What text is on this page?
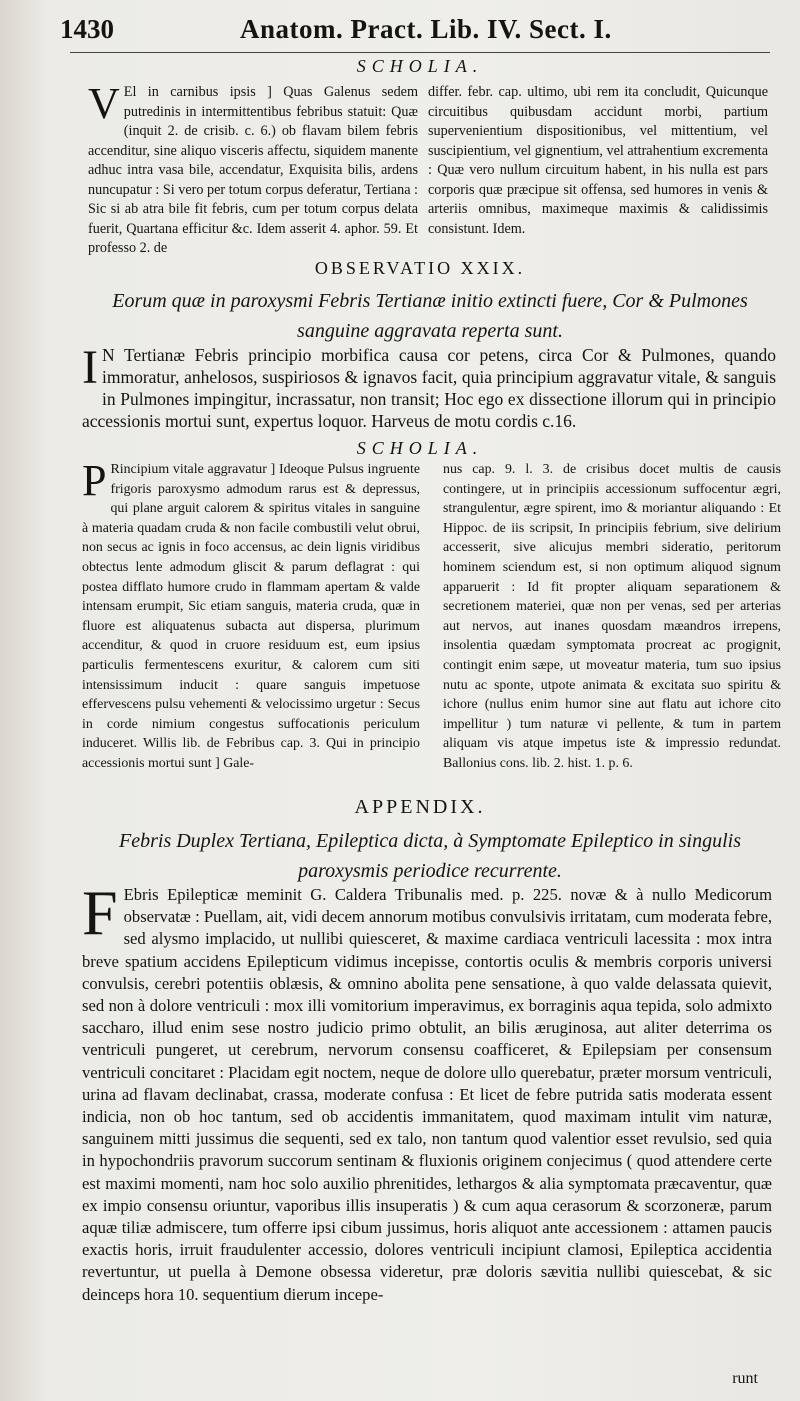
1430	Anatom. Pract. Lib. IV. Sect. I.
SCHOLIA.
V El in carnibus ipsis ] Quas Galenus sedem putredinis in intermittentibus febribus statuit: Quæ (inquit 2. de crisib. c. 6.) ob flavam bilem febris accenditur, sine aliquo visceris affectu, siquidem manente adhuc intra vasa bile, accendatur, Exquisita bilis, ardens nuncupatur : Si vero per totum corpus deferatur, Tertiana : Sic si ab atra bile fit febris, cum per totum corpus delata fuerit, Quartana efficitur &c. Idem asserit 4. aphor. 59. Et professo 2. de
differ. febr. cap. ultimo, ubi rem ita concludit, Quicunque circuitibus quibusdam accidunt morbi, partium supervenientium dispositionibus, vel mittentium, vel suscipientium, vel gignentium, vel attrahentium excrementa : Quæ vero nullum circuitum habent, in his nulla est pars corporis quæ præcipue sit offensa, sed humores in venis & arteriis omnibus, maximeque maximis & calidissimis consistunt. Idem.
OBSERVATIO XXIX.
Eorum quæ in paroxysmi Febris Tertianæ initio extincti fuere, Cor & Pulmones sanguine aggravata reperta sunt.
I N Tertianæ Febris principio morbifica causa cor petens, circa Cor & Pulmones, quando immoratur, anhelosos, suspiriosos & ignavos facit, quia principium aggravatur vitale, & sanguis in Pulmones impingitur, incrassatur, non transit; Hoc ego ex dissectione illorum qui in principio accessionis mortui sunt, expertus loquor. Harveus de motu cordis c.16.
SCHOLIA.
P Rincipium vitale aggravatur ] Ideoque Pulsus ingruente frigoris paroxysmo admodum rarus est & depressus, qui plane arguit calorem & spiritus vitales in sanguine à materia quadam cruda & non facile combustili velut obrui, non secus ac ignis in foco accensus, ac dein lignis viridibus obtectus lente admodum gliscit & parum deflagrat : qui postea difflato humore crudo in flammam apertam & valde intensam erumpit, Sic etiam sanguis, materia cruda, quæ in fluore est aliquatenus subacta aut dispersa, plurimum accenditur, & quod in cruore residuum est, eum ipsius particulis fermentescens exuritur, & calorem cum siti intensissimum inducit : quare sanguis impetuose effervescens pulsu vehementi & velocissimo urgetur : Secus in corde nimium congestus suffocationis periculum induceret. Willis lib. de Febribus cap. 3. Qui in principio accessionis mortui sunt ] Gale-
nus cap. 9. l. 3. de crisibus docet multis de causis contingere, ut in principiis accessionum suffocentur ægri, strangulentur, ægre spirent, imo & moriantur aliquando : Et Hippoc. de iis scripsit, In principiis febrium, sive delirium accesserit, sive alicujus membri sideratio, peritorum hominem sciendum est, si non optimum aliquod signum apparuerit : Id fit propter aliquam separationem & secretionem materiei, quæ non per venas, sed per arterias aut nervos, aut inanes quosdam mæandros irrepens, insolentia quædam symptomata procreat ac progignit, contingit enim sæpe, ut moveatur materia, tum suo ipsius nutu ac sponte, utpote animata & excitata suo spiritu & ichore (nullus enim humor sine aut flatu aut ichore cito impellitur ) tum naturæ vi pellente, & tum in partem aliquam vis atque impetus iste & impressio redundat. Ballonius cons. lib. 2. hist. 1. p. 6.
APPENDIX.
Febris Duplex Tertiana, Epileptica dicta, à Symptomate Epileptico in singulis paroxysmis periodice recurrente.
F Ebris Epilepticæ meminit G. Caldera Tribunalis med. p. 225. novæ & à nullo Medicorum observatæ : Puellam, ait, vidi decem annorum motibus convulsivis irritatam, cum moderata febre, sed alysmo implacido, ut nullibi quiesceret, & maxime cardiaca ventriculi lacessita : mox intra breve spatium accidens Epilepticum vidimus incepisse, contortis oculis & membris corporis universi convulsis, cerebri potentiis oblæsis, & omnino abolita pene sensatione, à quo valde delassata quievit, sed non à dolore ventriculi : mox illi vomitorium imperavimus, ex borraginis aqua tepida, solo admixto saccharo, illud enim sese nostro judicio primo obtulit, an bilis æruginosa, aut aliter deterrima os ventriculi pungeret, ut cerebrum, nervorum consensu coafficeret, & Epilepsiam per consensum ventriculi concitaret : Placidam egit noctem, neque de dolore ullo querebatur, præter morsum ventriculi, urina ad flavam declinabat, crassa, moderate confusa : Et licet de febre putrida satis moderata essent indicia, non ob hoc tantum, sed ob accidentis immanitatem, quod maximam intulit vim naturæ, sanguinem mitti jussimus die sequenti, sed ex talo, non tantum quod valentior esset revulsio, sed quia in hypochondriis pravorum succorum sentinam & fluxionis originem conjecimus ( quod attendere certe est maximi momenti, nam hoc solo auxilio phrenitides, lethargos & alia symptomata præcaventur, quæ ex impio consensu oriuntur, vaporibus illis insuperatis ) & cum aqua cerasorum & scorzoneræ, parum aquæ tiliæ admiscere, tum offerre ipsi cibum jussimus, horis aliquot ante accessionem : attamen paucis exactis horis, irruit fraudulenter accessio, dolores ventriculi incipiunt clamosi, Epileptica accidentia revertuntur, ut puella à Demone obsessa videretur, præ doloris sævitia nullibi quiescebat, & sic deinceps hora 10. sequentium dierum incepe-
runt
